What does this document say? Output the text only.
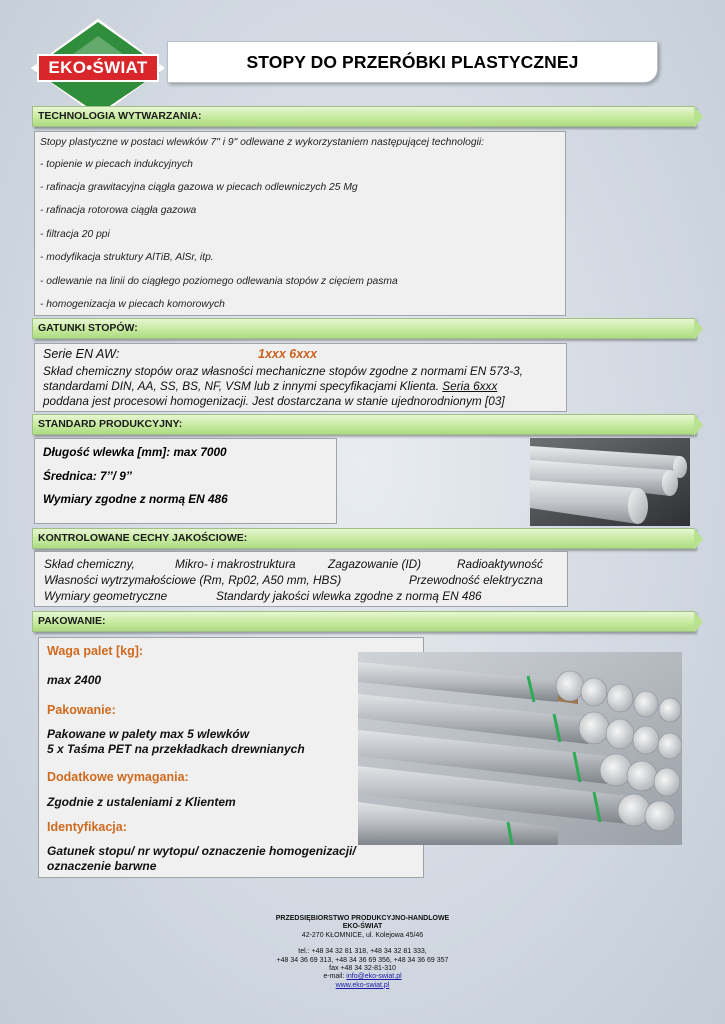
EKO•ŚWIAT	STOPY DO PRZERÓBKI PLASTYCZNEJ
TECHNOLOGIA WYTWARZANIA:
Stopy plastyczne w postaci wlewków 7" i 9" odlewane z wykorzystaniem następującej technologii:
- topienie w piecach indukcyjnych
- rafinacja grawitacyjna ciągła gazowa w piecach odlewniczych 25 Mg
- rafinacja rotorowa ciągła gazowa
- filtracja 20 ppi
- modyfikacja struktury AlTiB, AlSr, itp.
- odlewanie na linii do ciągłego poziomego odlewania stopów z cięciem pasma
- homogenizacja w piecach komorowych
GATUNKI STOPÓW:
Serie EN AW:	1xxx 6xxx
Skład chemiczny stopów oraz własności mechaniczne stopów zgodne z normami EN 573-3,
standardami DIN, AA, SS, BS, NF, VSM lub z innymi specyfikacjami Klienta. Seria 6xxx
poddana jest procesowi homogenizacji. Jest dostarczana w stanie ujednorodnionym [03]
STANDARD PRODUKCYJNY:
Długość wlewka [mm]: max 7000
Średnica: 7’’/ 9’’
Wymiary zgodne z normą EN 486
KONTROLOWANE CECHY JAKOŚCIOWE:
Skład chemiczny,	Mikro- i makrostruktura	Zagazowanie (ID)	Radioaktywność
Własności wytrzymałościowe (Rm, Rp02, A50 mm, HBS)	Przewodność elektryczna
Wymiary geometryczne	Standardy jakości wlewka zgodne z normą EN 486
PAKOWANIE:
Waga palet [kg]:
max 2400
Pakowanie:
Pakowane w palety max 5 wlewków
5 x Taśma PET na przekładkach drewnianych
Dodatkowe wymagania:
Zgodnie z ustaleniami z Klientem
Identyfikacja:
Gatunek stopu/ nr wytopu/ oznaczenie homogenizacji/
oznaczenie barwne
PRZEDSIĘBIORSTWO PRODUKCYJNO-HANDLOWE
EKO-ŚWIAT
42-270 KŁOMNICE, ul. Kolejowa 45/46
tel.: +48 34 32 81 318, +48 34 32 81 333,
+48 34 36 69 313, +48 34 36 69 356, +48 34 36 69 357
fax +48 34 32-81-310
e-mail: info@eko-swiat.pl
www.eko-swiat.pl
